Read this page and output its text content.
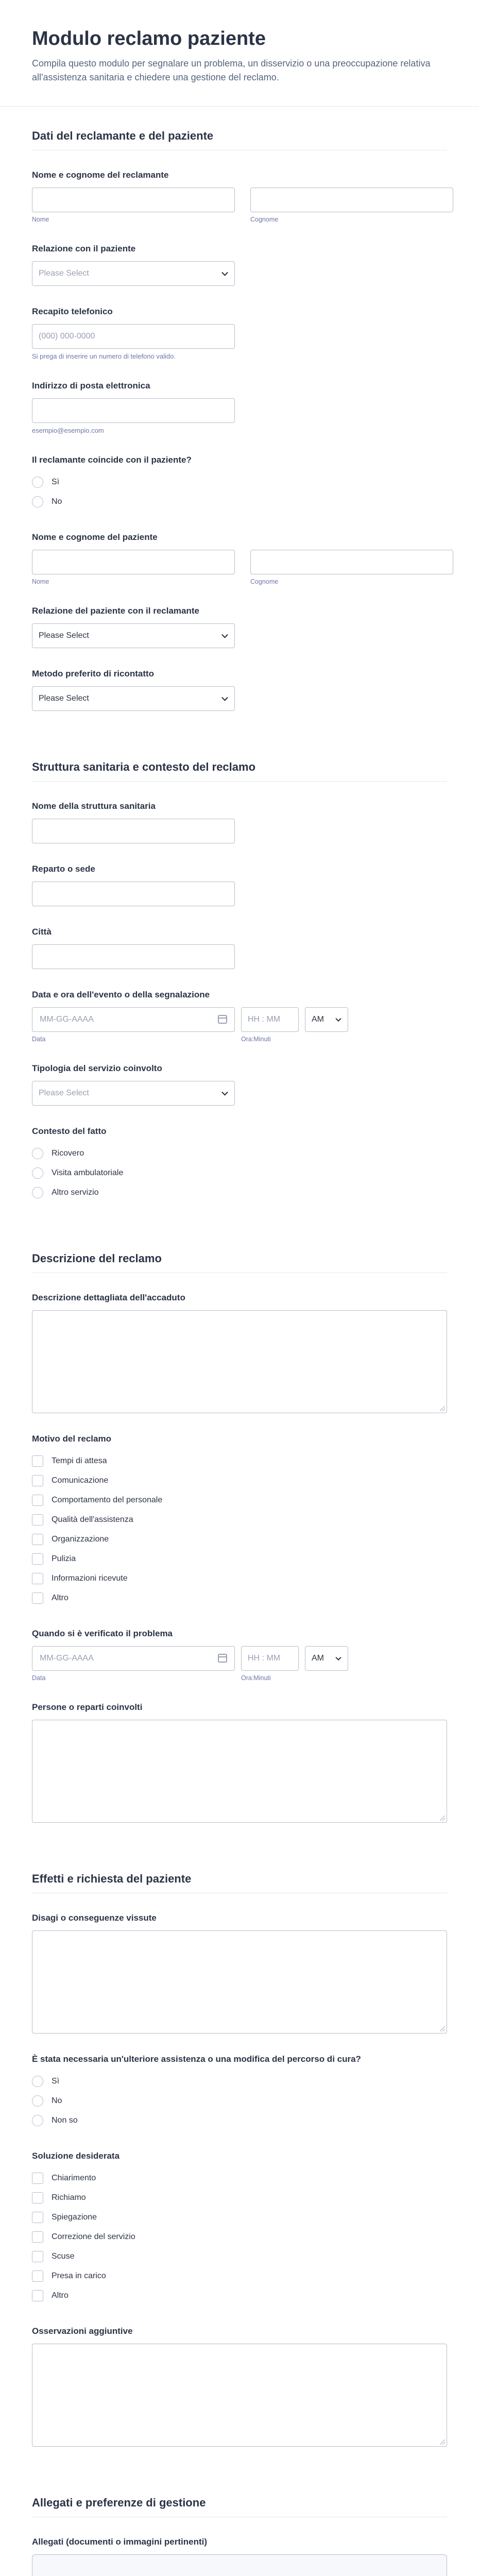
Modulo reclamo paziente

Compila questo modulo per segnalare un problema, un disservizio o una preoccupazione relativa all'assistenza sanitaria e chiedere una gestione del reclamo.

Dati del reclamante e del paziente
Nome e cognome del reclamante
Nome	Cognome
Relazione con il paziente
Please Select
Recapito telefonico
(000) 000-0000
Si prega di inserire un numero di telefono valido.
Indirizzo di posta elettronica
esempio@esempio.com
Il reclamante coincide con il paziente?
Sì
No
Nome e cognome del paziente
Nome	Cognome
Relazione del paziente con il reclamante
Please Select
Metodo preferito di ricontatto
Please Select
Struttura sanitaria e contesto del reclamo
Nome della struttura sanitaria
Reparto o sede
Città
Data e ora dell'evento o della segnalazione
MM-GG-AAAA
Data
HH : MM
Ora:Minuti
AM
Tipologia del servizio coinvolto
Please Select
Contesto del fatto
Ricovero
Visita ambulatoriale
Altro servizio
Descrizione del reclamo
Descrizione dettagliata dell'accaduto
Motivo del reclamo
Tempi di attesa
Comunicazione
Comportamento del personale
Qualità dell'assistenza
Organizzazione
Pulizia
Informazioni ricevute
Altro
Quando si è verificato il problema
MM-GG-AAAA
Data
HH : MM
Ora:Minuti
AM
Persone o reparti coinvolti
Effetti e richiesta del paziente
Disagi o conseguenze vissute
È stata necessaria un'ulteriore assistenza o una modifica del percorso di cura?
Sì
No
Non so
Soluzione desiderata
Chiarimento
Richiamo
Spiegazione
Correzione del servizio
Scuse
Presa in carico
Altro
Osservazioni aggiuntive
Allegati e preferenze di gestione
Allegati (documenti o immagini pertinenti)
